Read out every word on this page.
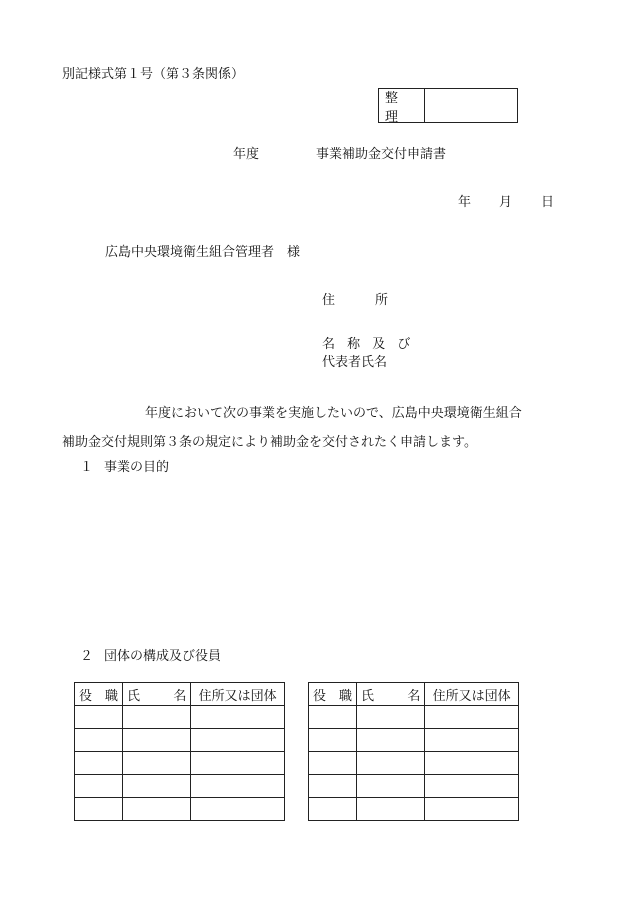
別記様式第１号（第３条関係）
整 理
年度	事業補助金交付申請書
年 月 日
広島中央環境衛生組合管理者　様
住	所
名 称 及 び
代表者氏名
年度において次の事業を実施したいので、広島中央環境衛生組合
補助金交付規則第３条の規定により補助金を交付されたく申請します。
１ 事業の目的
２ 団体の構成及び役員
役　職	氏 名	住所又は団体

			役　職	氏 名	住所又は団体
